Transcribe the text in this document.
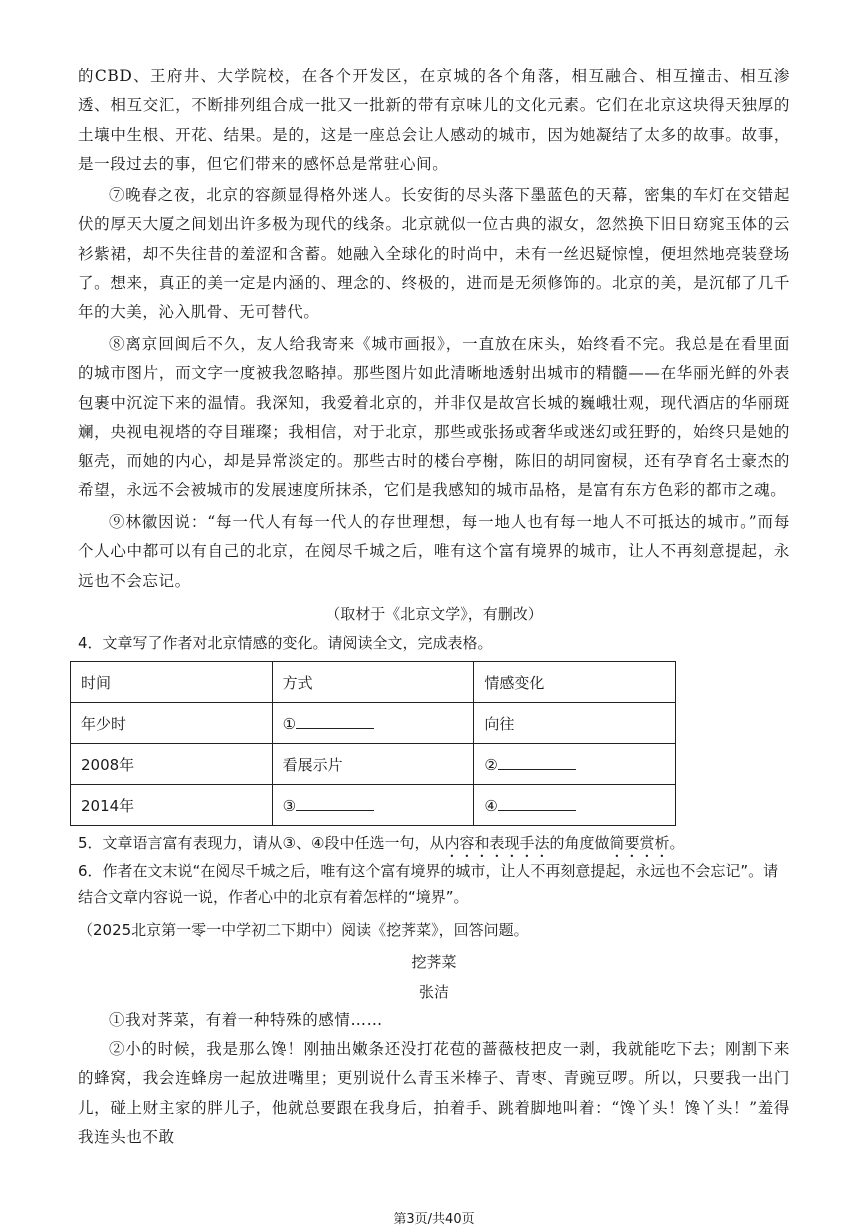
的CBD、王府井、大学院校，在各个开发区，在京城的各个角落，相互融合、相互撞击、相互渗透、相互交汇，不断排列组合成一批又一批新的带有京味儿的文化元素。它们在北京这块得天独厚的土壤中生根、开花、结果。是的，这是一座总会让人感动的城市，因为她凝结了太多的故事。故事，是一段过去的事，但它们带来的感怀总是常驻心间。

⑦晚春之夜，北京的容颜显得格外迷人。长安街的尽头落下墨蓝色的天幕，密集的车灯在交错起伏的厚天大厦之间划出许多极为现代的线条。北京就似一位古典的淑女，忽然换下旧日窈窕玉体的云衫紫裙，却不失往昔的羞涩和含蓄。她融入全球化的时尚中，未有一丝迟疑惊惶，便坦然地亮装登场了。想来，真正的美一定是内涵的、理念的、终极的，进而是无须修饰的。北京的美，是沉郁了几千年的大美，沁入肌骨、无可替代。

⑧离京回闽后不久，友人给我寄来《城市画报》，一直放在床头，始终看不完。我总是在看里面的城市图片，而文字一度被我忽略掉。那些图片如此清晰地透射出城市的精髓——在华丽光鲜的外表包裹中沉淀下来的温情。我深知，我爱着北京的，并非仅是故宫长城的巍峨壮观，现代酒店的华丽斑斓，央视电视塔的夺目璀璨；我相信，对于北京，那些或张扬或奢华或迷幻或狂野的，始终只是她的躯壳，而她的内心，却是异常淡定的。那些古时的楼台亭榭，陈旧的胡同窗棂，还有孕育名士豪杰的希望，永远不会被城市的发展速度所抹杀，它们是我感知的城市品格，是富有东方色彩的都市之魂。

⑨林徽因说：“每一代人有每一代人的存世理想，每一地人也有每一地人不可抵达的城市。”而每个人心中都可以有自己的北京，在阅尽千城之后，唯有这个富有境界的城市，让人不再刻意提起，永远也不会忘记。

（取材于《北京文学》，有删改）

4．文章写了作者对北京情感的变化。请阅读全文，完成表格。

时间	方式	情感变化
年少时	①	向往
2008年	看展示片	②
2014年	③	④

5．文章语言富有表现力，请从③、④段中任选一句，从内容和表现手法的角度做简要赏析。

6．作者在文末说“在阅尽千城之后，唯有这个富有境界的城市，让人不再刻意提起，永远也不会忘记”。请结合文章内容说一说，作者心中的北京有着怎样的“境界”。

（2025北京第一零一中学初二下期中）阅读《挖荠菜》，回答问题。

挖荠菜

张洁

①我对荠菜，有着一种特殊的感情……

②小的时候，我是那么馋！刚抽出嫩条还没打花苞的蔷薇枝把皮一剥，我就能吃下去；刚割下来的蜂窝，我会连蜂房一起放进嘴里；更别说什么青玉米棒子、青枣、青豌豆啰。所以，只要我一出门儿，碰上财主家的胖儿子，他就总要跟在我身后，拍着手、跳着脚地叫着：“馋丫头！馋丫头！”羞得我连头也不敢

第3页/共40页
